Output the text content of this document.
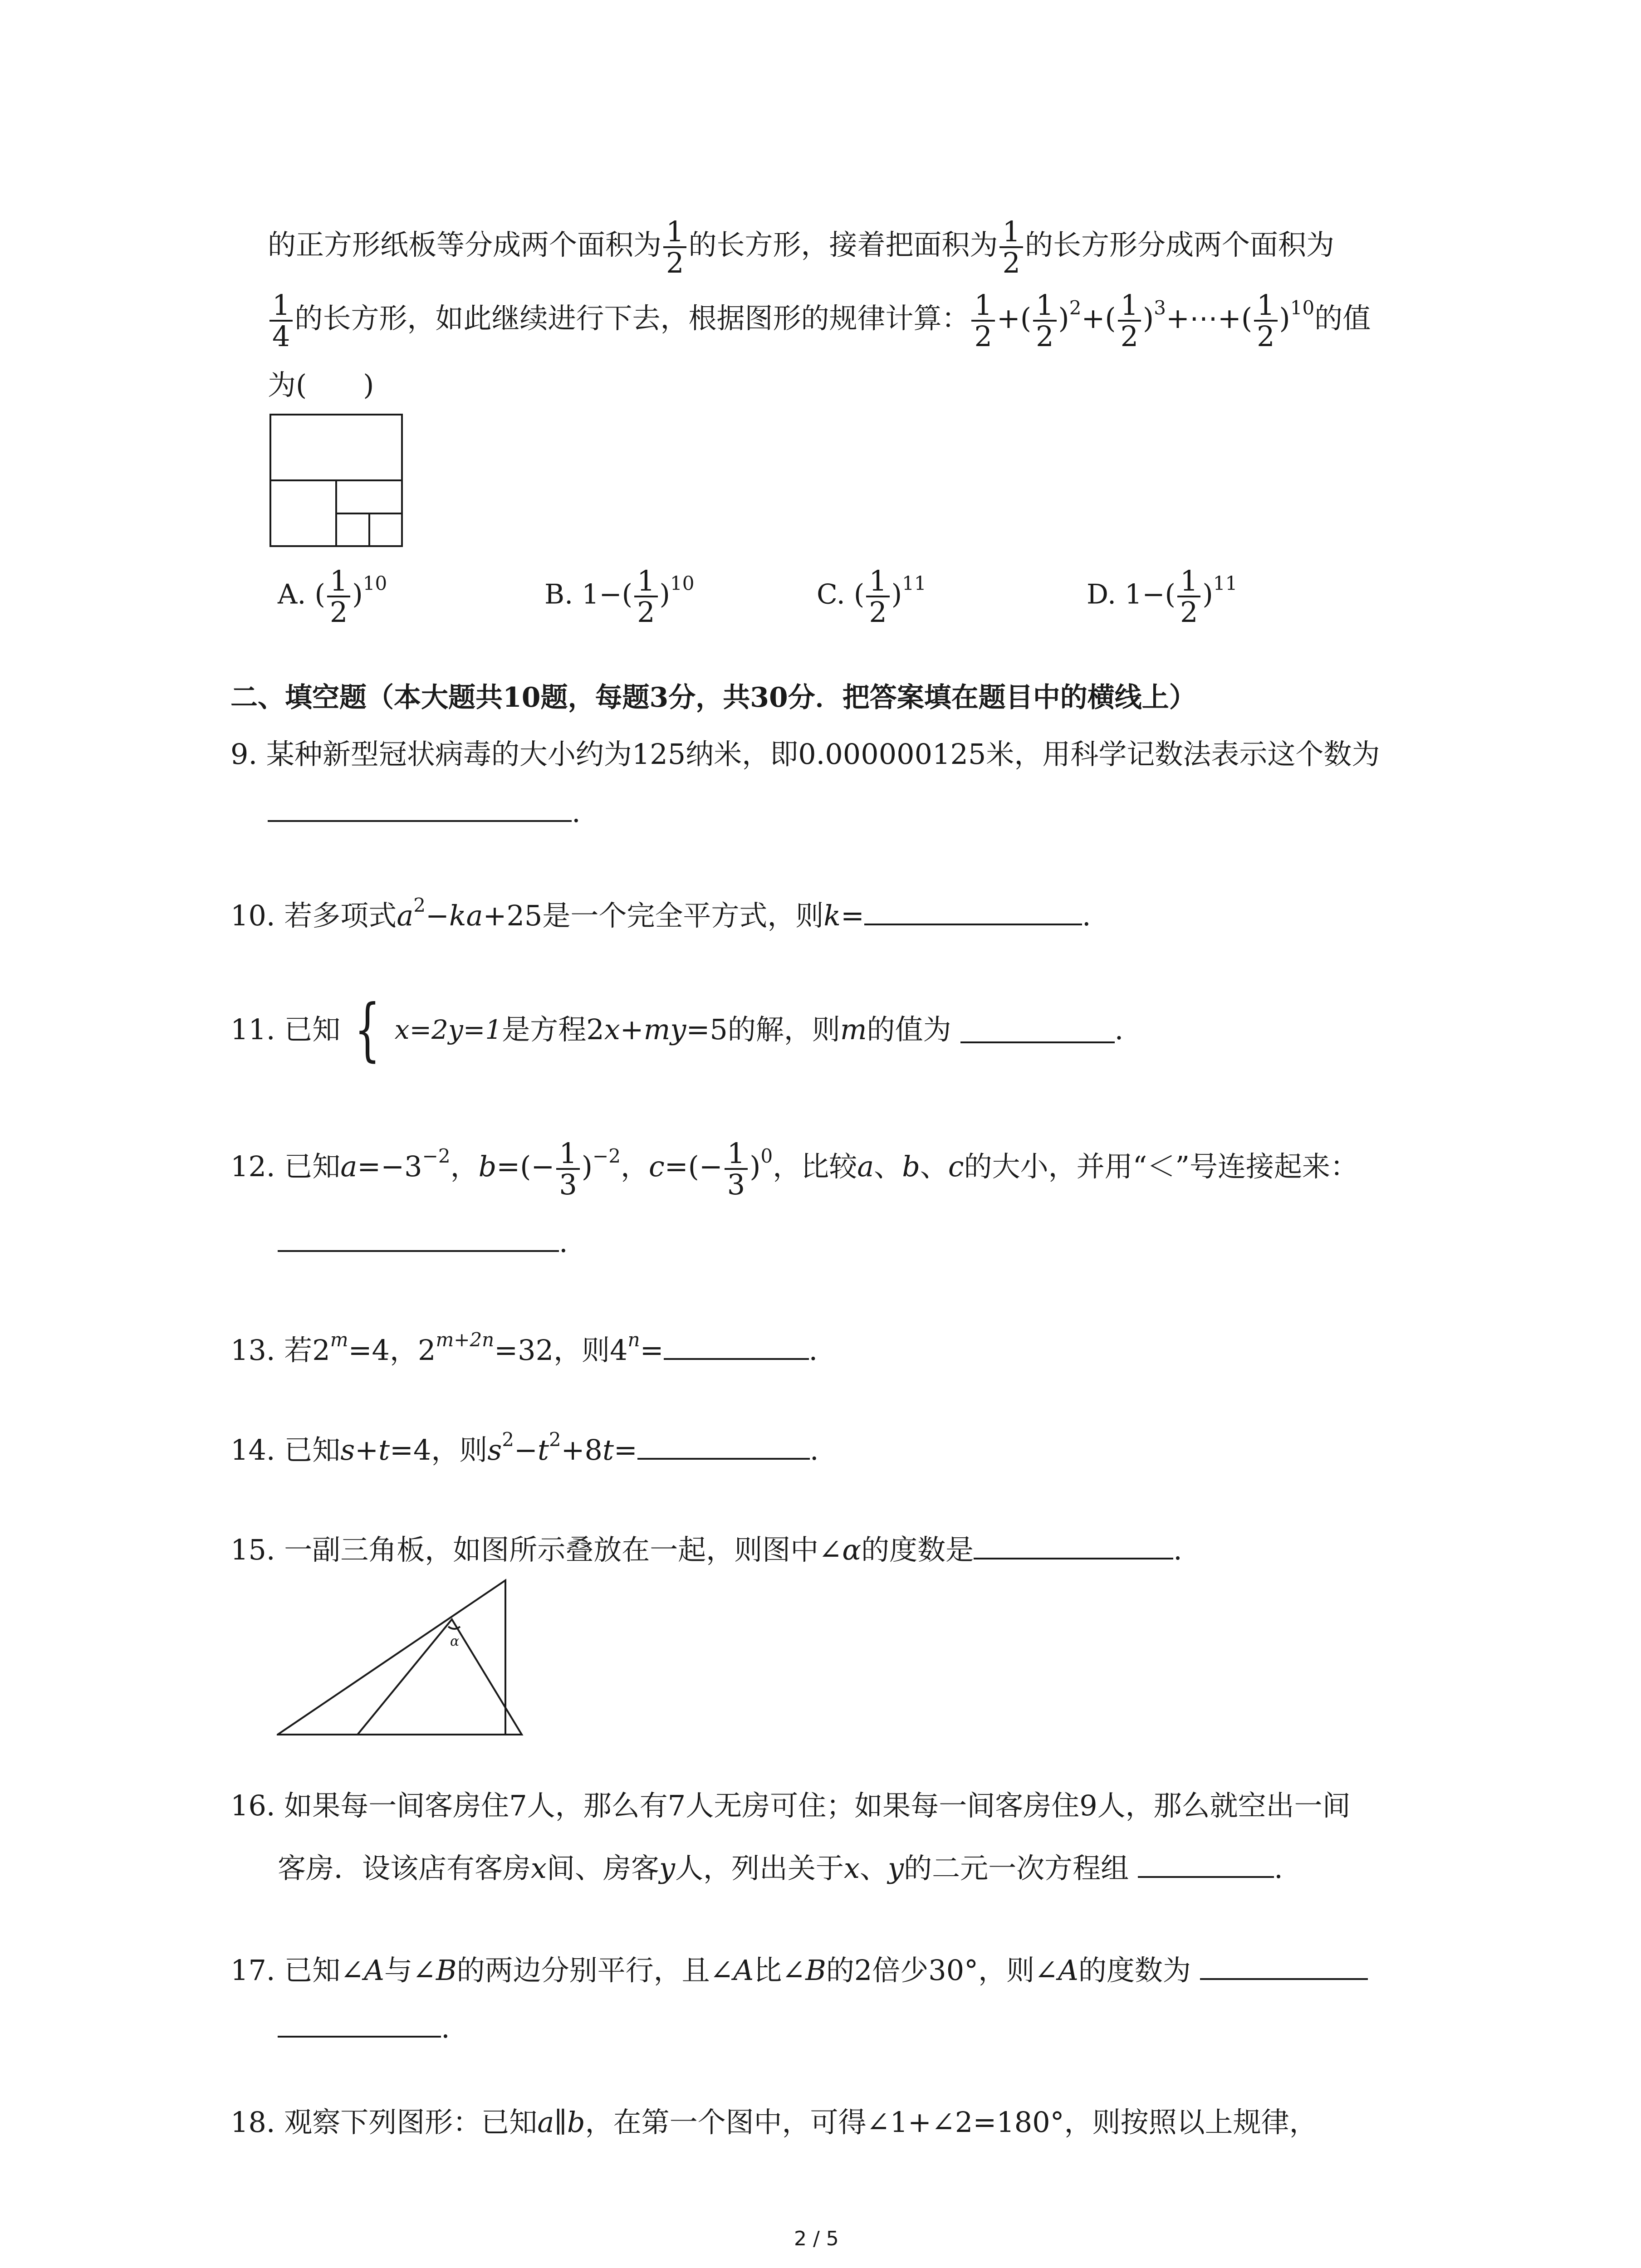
的正方形纸板等分成两个面积为 $\frac{1}{2}$ 的长方形，接着把面积为 $\frac{1}{2}$ 的长方形分成两个面积为
$\frac{1}{4}$ 的长方形，如此继续进行下去，根据图形的规律计算： $\frac{1}{2}$ +( $\frac{1}{2} )^2+( \frac{1}{2}$ )$^3+\cdots+( \frac{1}{2} )^{10}$的值
为(　　)
A. ( $\frac{1}{2} )^{10}$	B. $1-( \frac{1}{2} )^{10}$	C. ( $\frac{1}{2} )^{11}$	D. $1-( \frac{1}{2} )^{11}$
二、填空题（本大题共10题，每题3分，共30分．把答案填在题目中的横线上）
9. 某种新型冠状病毒的大小约为125纳米，即0.000000125米，用科学记数法表示这个数为
.
10. 若多项式$a^2-ka+25$是一个完全平方式，则k=	.
11. 已知 { x=2y=1是方程2x+my=5的解，则m的值为	.
12. 已知$a=-3^{-2}$，$b=(- \frac{1}{3} )^{-2}$，$c=(- \frac{1}{3} )^0$，比较a、b、c的大小，并用“＜”号连接起来：
.
13. 若$2^m=4$，$2^{m+2n}=32$，则$4^n=$	.
14. 已知s+t=4，则$s^2-t^2+8t=$	.
15. 一副三角板，如图所示叠放在一起，则图中∠α的度数是	.
α
16. 如果每一间客房住7人，那么有7人无房可住；如果每一间客房住9人，那么就空出一间
客房．设该店有客房x间、房客y人，列出关于x、y的二元一次方程组	.
17. 已知∠A与∠B的两边分别平行，且∠A比∠B的2倍少30°，则∠A的度数为
.
18. 观察下列图形：已知a∥b，在第一个图中，可得∠1+∠2=180°，则按照以上规律，
2 / 5
